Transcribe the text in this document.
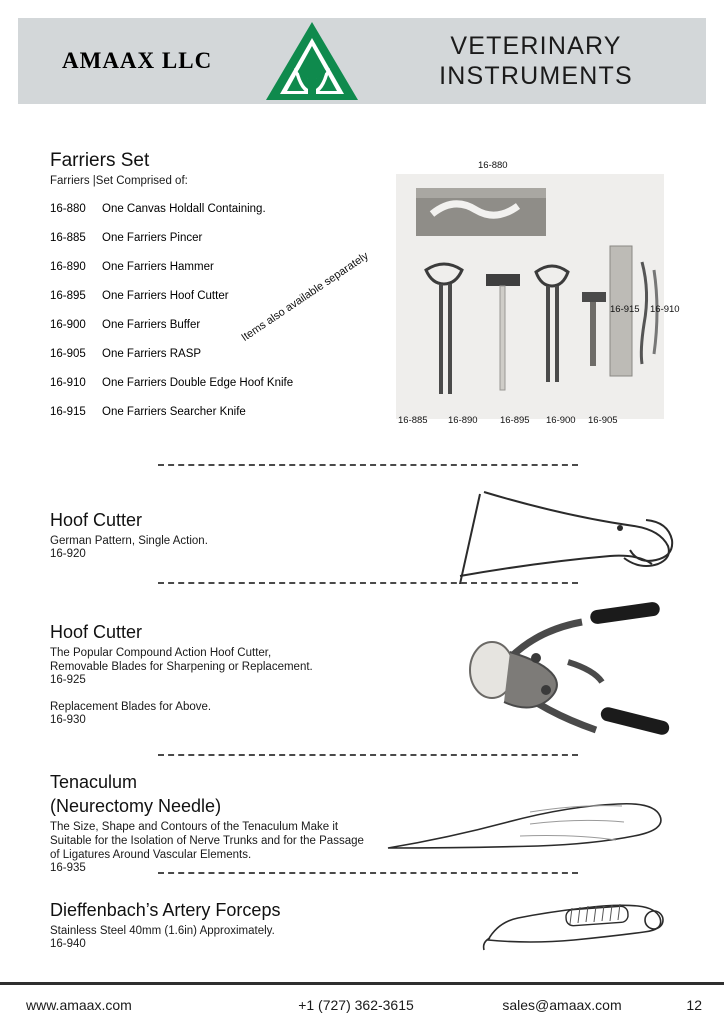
AMAAX LLC
VETERINARY
INSTRUMENTS
Farriers Set

Farriers |Set Comprised of:

16-880 One Canvas Holdall Containing.
16-885 One Farriers Pincer
16-890 One Farriers Hammer
16-895 One Farriers Hoof Cutter
16-900 One Farriers Buffer
16-905 One Farriers RASP
16-910 One Farriers Double Edge Hoof Knife
16-915 One Farriers Searcher Knife
Items also available separately
16-880
16-915 16-910
16-885 16-890 16-895 16-900 16-905
Hoof Cutter

German Pattern, Single Action.

16-920

Hoof Cutter

The Popular Compound Action Hoof Cutter,

Removable Blades for Sharpening or Replacement.

16-925

Replacement Blades for Above.

16-930

Tenaculum
(Neurectomy Needle)

The Size, Shape and Contours of the Tenaculum Make it

Suitable for the Isolation of Nerve Trunks and for the Passage

of Ligatures Around Vascular Elements.

16-935

Dieffenbach’s Artery Forceps

Stainless Steel 40mm (1.6in) Approximately.

16-940

www.amaax.com	+1 (727) 362-3615	sales@amaax.com	12
